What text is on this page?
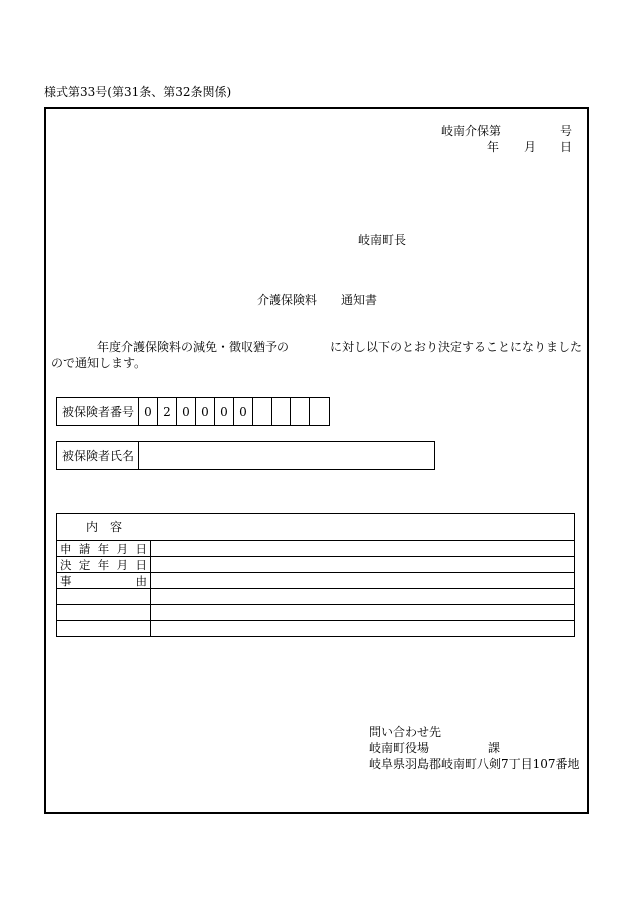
様式第33号(第31条、第32条関係)
岐南介保第	号
年 月 日
岐南町長
介護保険料 通知書
年度介護保険料の減免・徴収猶予の	に対し以下のとおり決定することになりました
ので通知します。
被保険者番号 0 2 0 0 0 0
被保険者氏名
内　容
申 請 年 月 日
決 定 年 月 日
事	由
問い合わせ先
岐南町役場	課
岐阜県羽島郡岐南町八剣7丁目107番地
